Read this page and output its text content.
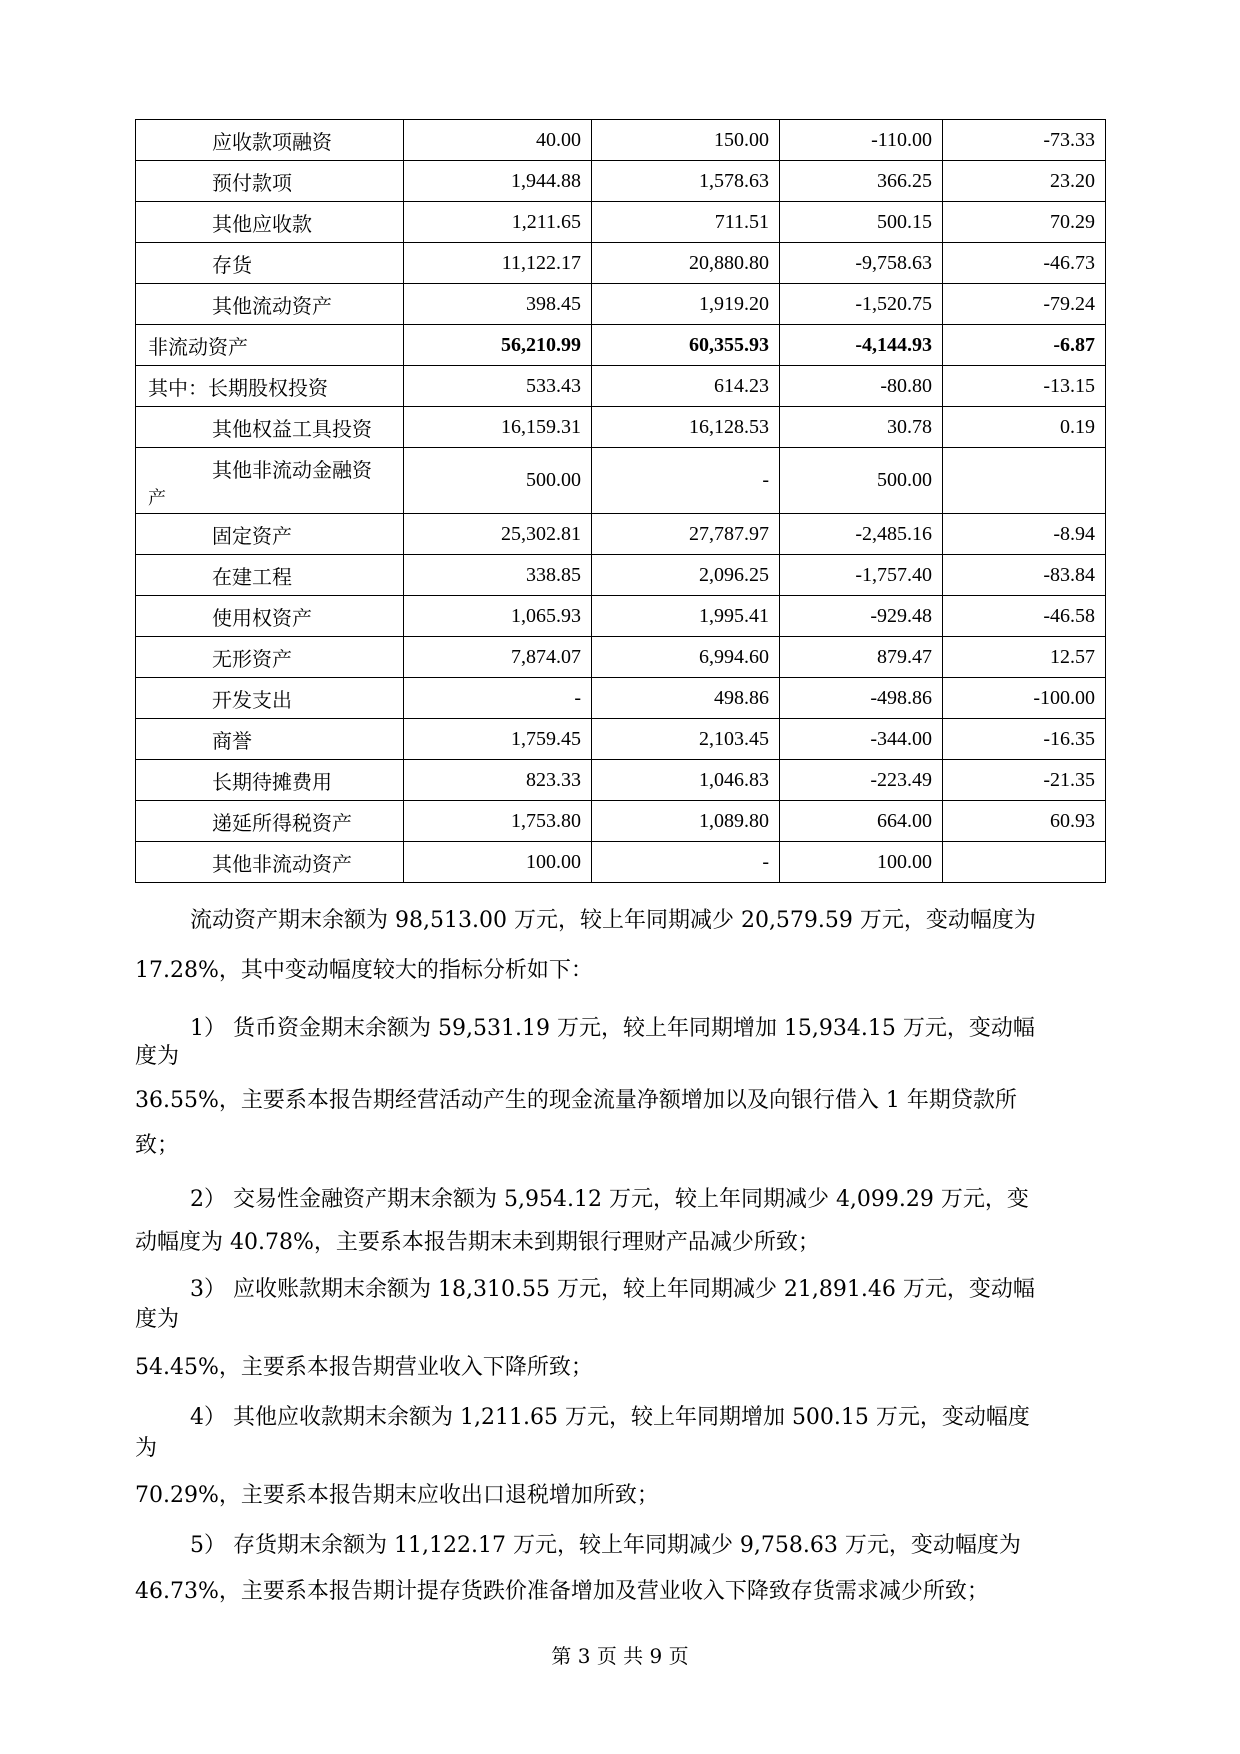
应收款项融资	40.00	150.00	-110.00	-73.33
预付款项	1,944.88	1,578.63	366.25	23.20
其他应收款	1,211.65	711.51	500.15	70.29
存货	11,122.17	20,880.80	-9,758.63	-46.73
其他流动资产	398.45	1,919.20	-1,520.75	-79.24
非流动资产	56,210.99	60,355.93	-4,144.93	-6.87
其中：长期股权投资	533.43	614.23	-80.80	-13.15
其他权益工具投资	16,159.31	16,128.53	30.78	0.19

其他非流动金融资
产	500.00	-	500.00	
固定资产	25,302.81	27,787.97	-2,485.16	-8.94
在建工程	338.85	2,096.25	-1,757.40	-83.84
使用权资产	1,065.93	1,995.41	-929.48	-46.58
无形资产	7,874.07	6,994.60	879.47	12.57
开发支出	-	498.86	-498.86	-100.00
商誉	1,759.45	2,103.45	-344.00	-16.35
长期待摊费用	823.33	1,046.83	-223.49	-21.35
递延所得税资产	1,753.80	1,089.80	664.00	60.93
其他非流动资产	100.00	-	100.00	
流动资产期末余额为 98,513.00 万元，较上年同期减少 20,579.59 万元，变动幅度为
17.28%，其中变动幅度较大的指标分析如下：
1） 货币资金期末余额为 59,531.19 万元，较上年同期增加 15,934.15 万元，变动幅
度为
36.55%，主要系本报告期经营活动产生的现金流量净额增加以及向银行借入 1 年期贷款所
致；
2） 交易性金融资产期末余额为 5,954.12 万元，较上年同期减少 4,099.29 万元，变
动幅度为 40.78%，主要系本报告期末未到期银行理财产品减少所致；
3） 应收账款期末余额为 18,310.55 万元，较上年同期减少 21,891.46 万元，变动幅
度为
54.45%，主要系本报告期营业收入下降所致；
4） 其他应收款期末余额为 1,211.65 万元，较上年同期增加 500.15 万元，变动幅度
为
70.29%，主要系本报告期末应收出口退税增加所致；
5） 存货期末余额为 11,122.17 万元，较上年同期减少 9,758.63 万元，变动幅度为
46.73%，主要系本报告期计提存货跌价准备增加及营业收入下降致存货需求减少所致；
第 3 页 共 9 页
